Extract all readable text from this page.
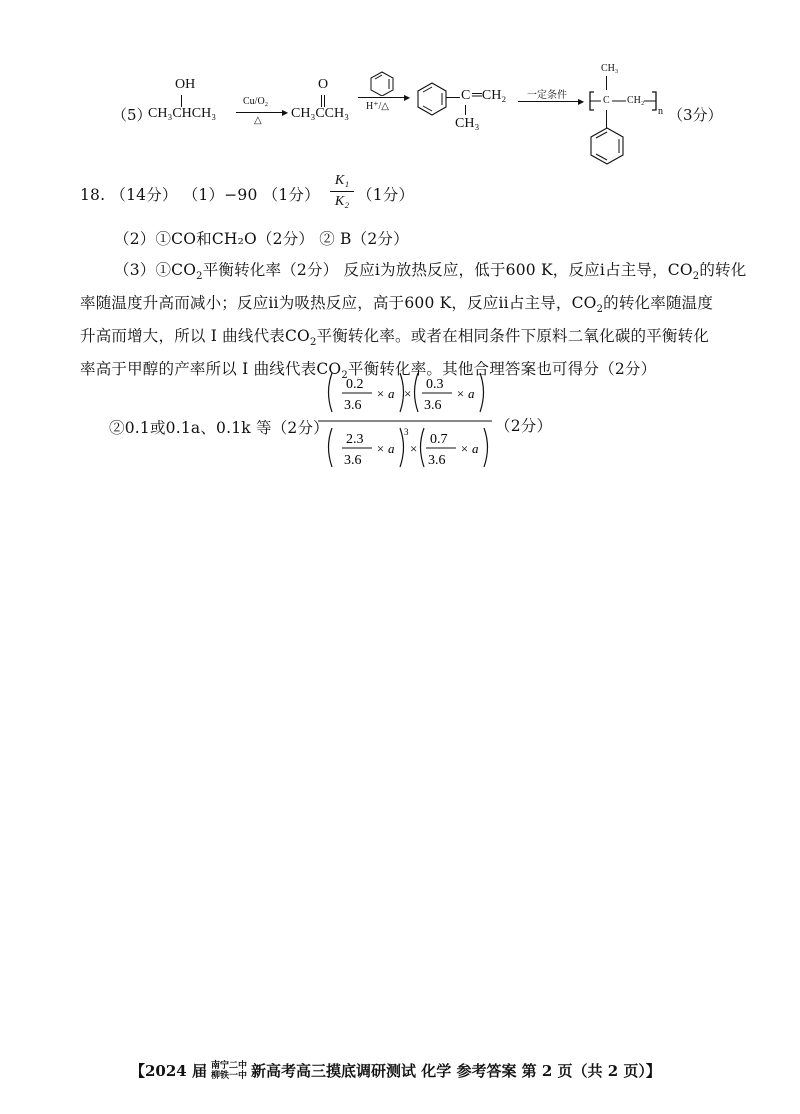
（5）
OH
CH₃CHCH₃
Cu/O₂
▶
△
O
CH₃CCH₃
▶
H⁺/△
C ═CH₂
CH₃
一定条件
▶
CH₃
C CH₂
n （3分）
18. （14分） （1）−90 （1分）
K₁
K₂ （1分）
（2）①CO和CH₂O（2分） ② B（2分）
$(3)①CO_2$平衡转化率（2分） 反应i为放热反应，低于600 K，反应i占主导，$CO_2$的转化
率随温度升高而减小；反应ii为吸热反应，高于600 K，反应ii占主导，$CO_2$的转化率随温度
升高而增大，所以 I 曲线代表$CO_2$平衡转化率。或者在相同条件下原料二氧化碳的平衡转化
率高于甲醇的产率所以 I 曲线代表$CO_2$平衡转化率。其他合理答案也可得分（2分）
②0.1或0.1a、0.1k 等（2分）
0.2
3.6
× a ×
0.3
3.6
× a
2.3
3.6
× a
3
×
0.7
3.6
× a
（2分）
【2024 届 南宁二中
柳铁一中 新高考高三摸底调研测试 化学 参考答案 第 2 页（共 2 页）】
